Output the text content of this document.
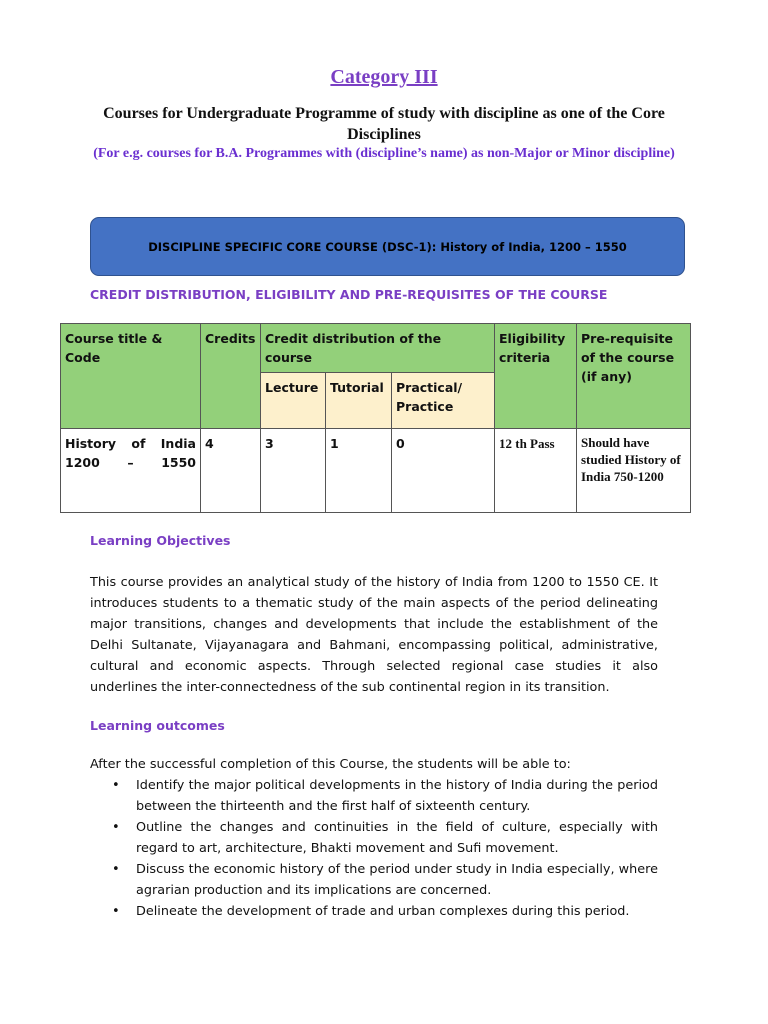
Category III
Courses for Undergraduate Programme of study with discipline as one of the Core Disciplines
(For e.g. courses for B.A. Programmes with (discipline’s name) as non-Major or Minor discipline)
DISCIPLINE SPECIFIC CORE COURSE (DSC-1): History of India, 1200 – 1550
CREDIT DISTRIBUTION, ELIGIBILITY AND PRE-REQUISITES OF THE COURSE
Course title & Code	Credits	Credit distribution of the course			Eligibility criteria	Pre-requisite of the course (if any)
		Lecture	Tutorial	Practical/ Practice		
History of India 1200 – 1550	4	3	1	0	12 th Pass	Should have studied History of India 750-1200
Learning Objectives
This course provides an analytical study of the history of India from 1200 to 1550 CE. It introduces students to a thematic study of the main aspects of the period delineating major transitions, changes and developments that include the establishment of the Delhi Sultanate, Vijayanagara and Bahmani, encompassing political, administrative, cultural and economic aspects. Through selected regional case studies it also underlines the inter-connectedness of the sub continental region in its transition.
Learning outcomes
After the successful completion of this Course, the students will be able to:
• Identify the major political developments in the history of India during the period between the thirteenth and the first half of sixteenth century.
• Outline the changes and continuities in the field of culture, especially with regard to art, architecture, Bhakti movement and Sufi movement.
• Discuss the economic history of the period under study in India especially, where agrarian production and its implications are concerned.
• Delineate the development of trade and urban complexes during this period.
